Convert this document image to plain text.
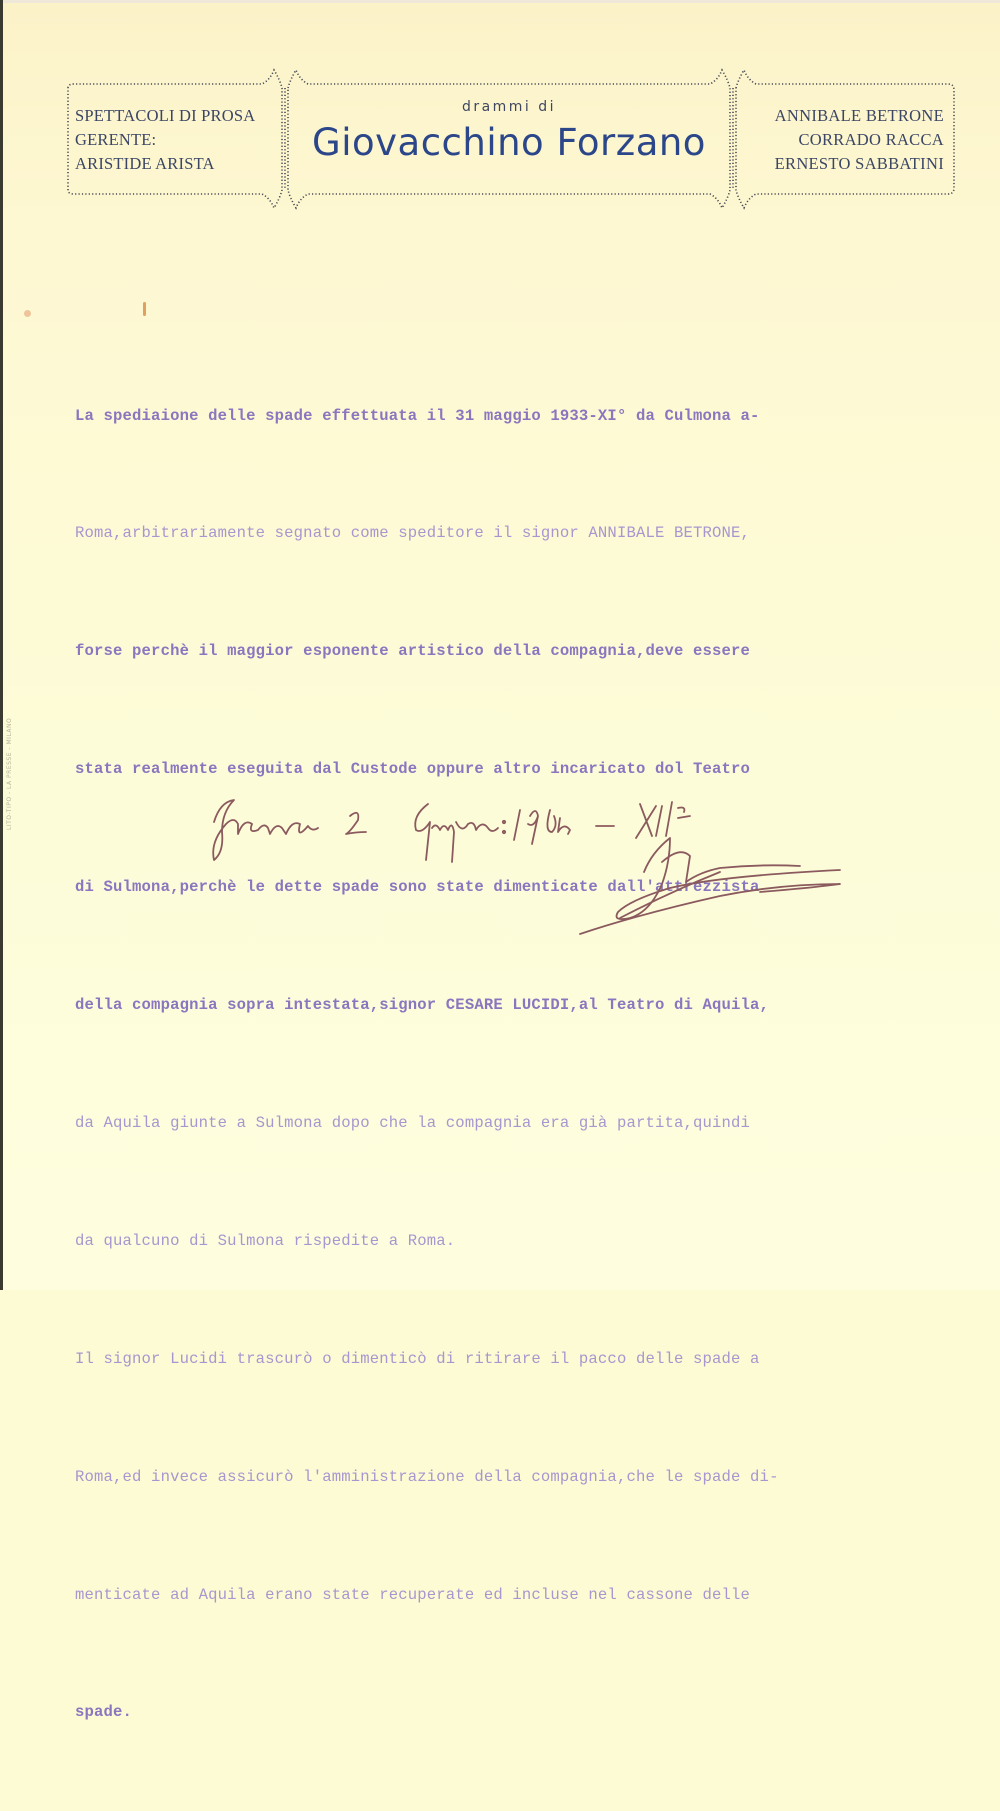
SPETTACOLI DI PROSA
GERENTE:
ARISTIDE ARISTA
drammi di
Giovacchino Forzano
ANNIBALE BETRONE
CORRADO RACCA
ERNESTO SABBATINI

La spediaione delle spade effettuata il 31 maggio 1933-XI° da Culmona a-

Roma,arbitrariamente segnato come speditore il signor ANNIBALE BETRONE,

forse perchè il maggior esponente artistico della compagnia,deve essere

stata realmente eseguita dal Custode oppure altro incaricato dol Teatro

di Sulmona,perchè le dette spade sono state dimenticate dall'attrezzista

della compagnia sopra intestata,signor CESARE LUCIDI,al Teatro di Aquila,

da Aquila giunte a Sulmona dopo che la compagnia era già partita,quindi

da qualcuno di Sulmona rispedite a Roma.

Il signor Lucidi trascurò o dimenticò di ritirare il pacco delle spade a

Roma,ed invece assicurò l'amministrazione della compagnia,che le spade di-

menticate ad Aquila erano state recuperate ed incluse nel cassone delle

spade.

LITO-TIPO - LA PRESSE - MILANO
